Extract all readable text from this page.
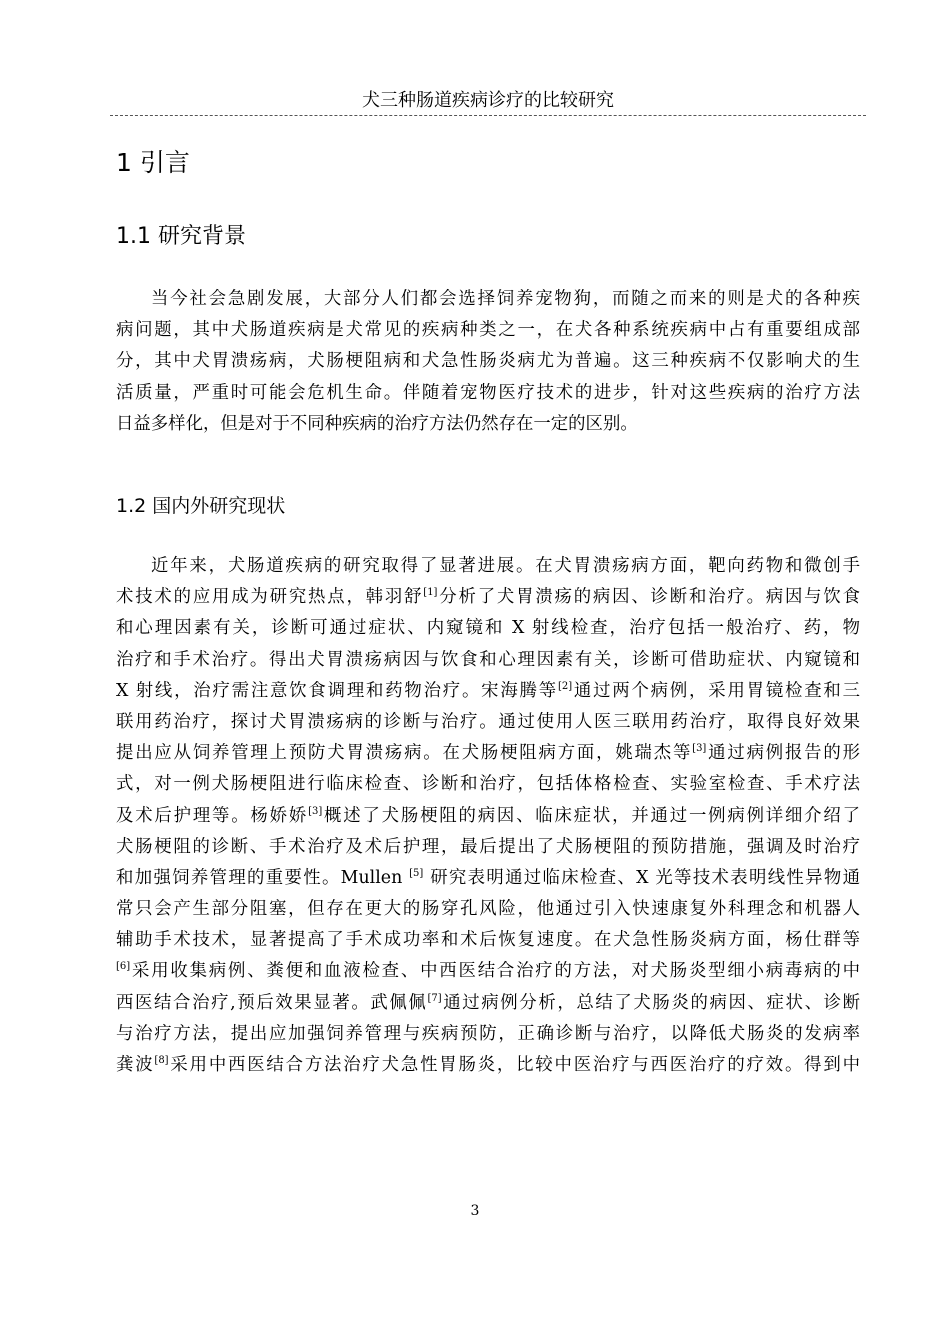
犬三种肠道疾病诊疗的比较研究
1 引言
1.1 研究背景
当今社会急剧发展，大部分人们都会选择饲养宠物狗，而随之而来的则是犬的各种疾
病问题，其中犬肠道疾病是犬常见的疾病种类之一，在犬各种系统疾病中占有重要组成部
分，其中犬胃溃疡病，犬肠梗阻病和犬急性肠炎病尤为普遍。这三种疾病不仅影响犬的生
活质量，严重时可能会危机生命。伴随着宠物医疗技术的进步，针对这些疾病的治疗方法
日益多样化，但是对于不同种疾病的治疗方法仍然存在一定的区别。
1.2 国内外研究现状
近年来，犬肠道疾病的研究取得了显著进展。在犬胃溃疡病方面，靶向药物和微创手
术技术的应用成为研究热点，韩羽舒[1]分析了犬胃溃疡的病因、诊断和治疗。病因与饮食
和心理因素有关，诊断可通过症状、内窥镜和 X 射线检查，治疗包括一般治疗、药，物
治疗和手术治疗。得出犬胃溃疡病因与饮食和心理因素有关，诊断可借助症状、内窥镜和
X 射线，治疗需注意饮食调理和药物治疗。宋海腾等[2]通过两个病例，采用胃镜检查和三
联用药治疗，探讨犬胃溃疡病的诊断与治疗。通过使用人医三联用药治疗，取得良好效果
提出应从饲养管理上预防犬胃溃疡病。在犬肠梗阻病方面，姚瑞杰等[3]通过病例报告的形
式，对一例犬肠梗阻进行临床检查、诊断和治疗，包括体格检查、实验室检查、手术疗法
及术后护理等。杨娇娇[3]概述了犬肠梗阻的病因、临床症状，并通过一例病例详细介绍了
犬肠梗阻的诊断、手术治疗及术后护理，最后提出了犬肠梗阻的预防措施，强调及时治疗
和加强饲养管理的重要性。Mullen [5] 研究表明通过临床检查、X 光等技术表明线性异物通
常只会产生部分阻塞，但存在更大的肠穿孔风险，他通过引入快速康复外科理念和机器人
辅助手术技术，显著提高了手术成功率和术后恢复速度。在犬急性肠炎病方面，杨仕群等
[6]采用收集病例、粪便和血液检查、中西医结合治疗的方法，对犬肠炎型细小病毒病的中
西医结合治疗,预后效果显著。武佩佩[7]通过病例分析，总结了犬肠炎的病因、症状、诊断
与治疗方法，提出应加强饲养管理与疾病预防，正确诊断与治疗，以降低犬肠炎的发病率
龚波[8]采用中西医结合方法治疗犬急性胃肠炎，比较中医治疗与西医治疗的疗效。得到中
3
